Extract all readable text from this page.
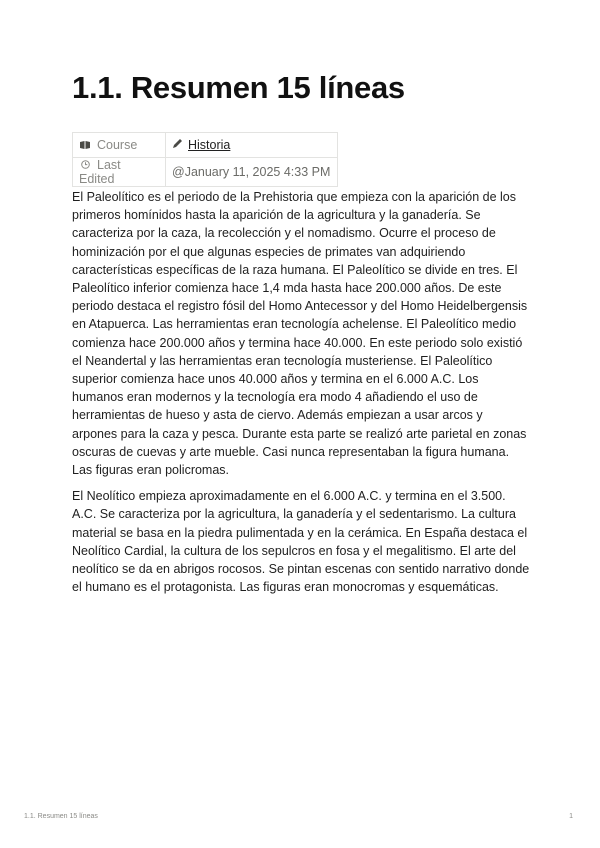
1.1. Resumen 15 líneas
Course	Historia
Last Edited	@January 11, 2025 4:33 PM

El Paleolítico es el periodo de la Prehistoria que empieza con la aparición de los primeros homínidos hasta la aparición de la agricultura y la ganadería. Se caracteriza por la caza, la recolección y el nomadismo. Ocurre el proceso de hominización por el que algunas especies de primates van adquiriendo características específicas de la raza humana. El Paleolítico se divide en tres. El Paleolítico inferior comienza hace 1,4 mda hasta hace 200.000 años. De este periodo destaca el registro fósil del Homo Antecessor y del Homo Heidelbergensis en Atapuerca. Las herramientas eran tecnología achelense. El Paleolítico medio comienza hace 200.000 años y termina hace 40.000. En este periodo solo existió el Neandertal y las herramientas eran tecnología musteriense. El Paleolítico superior comienza hace unos 40.000 años y termina en el 6.000 A.C. Los humanos eran modernos y la tecnología era modo 4 añadiendo el uso de herramientas de hueso y asta de ciervo. Además empiezan a usar arcos y arpones para la caza y pesca. Durante esta parte se realizó arte parietal en zonas oscuras de cuevas y arte mueble. Casi nunca representaban la figura humana. Las figuras eran policromas.

El Neolítico empieza aproximadamente en el 6.000 A.C. y termina en el 3.500. A.C. Se caracteriza por la agricultura, la ganadería y el sedentarismo. La cultura material se basa en la piedra pulimentada y en la cerámica. En España destaca el Neolítico Cardial, la cultura de los sepulcros en fosa y el megalitismo. El arte del neolítico se da en abrigos rocosos. Se pintan escenas con sentido narrativo donde el humano es el protagonista. Las figuras eran monocromas y esquemáticas.

1.1. Resumen 15 líneas	1
